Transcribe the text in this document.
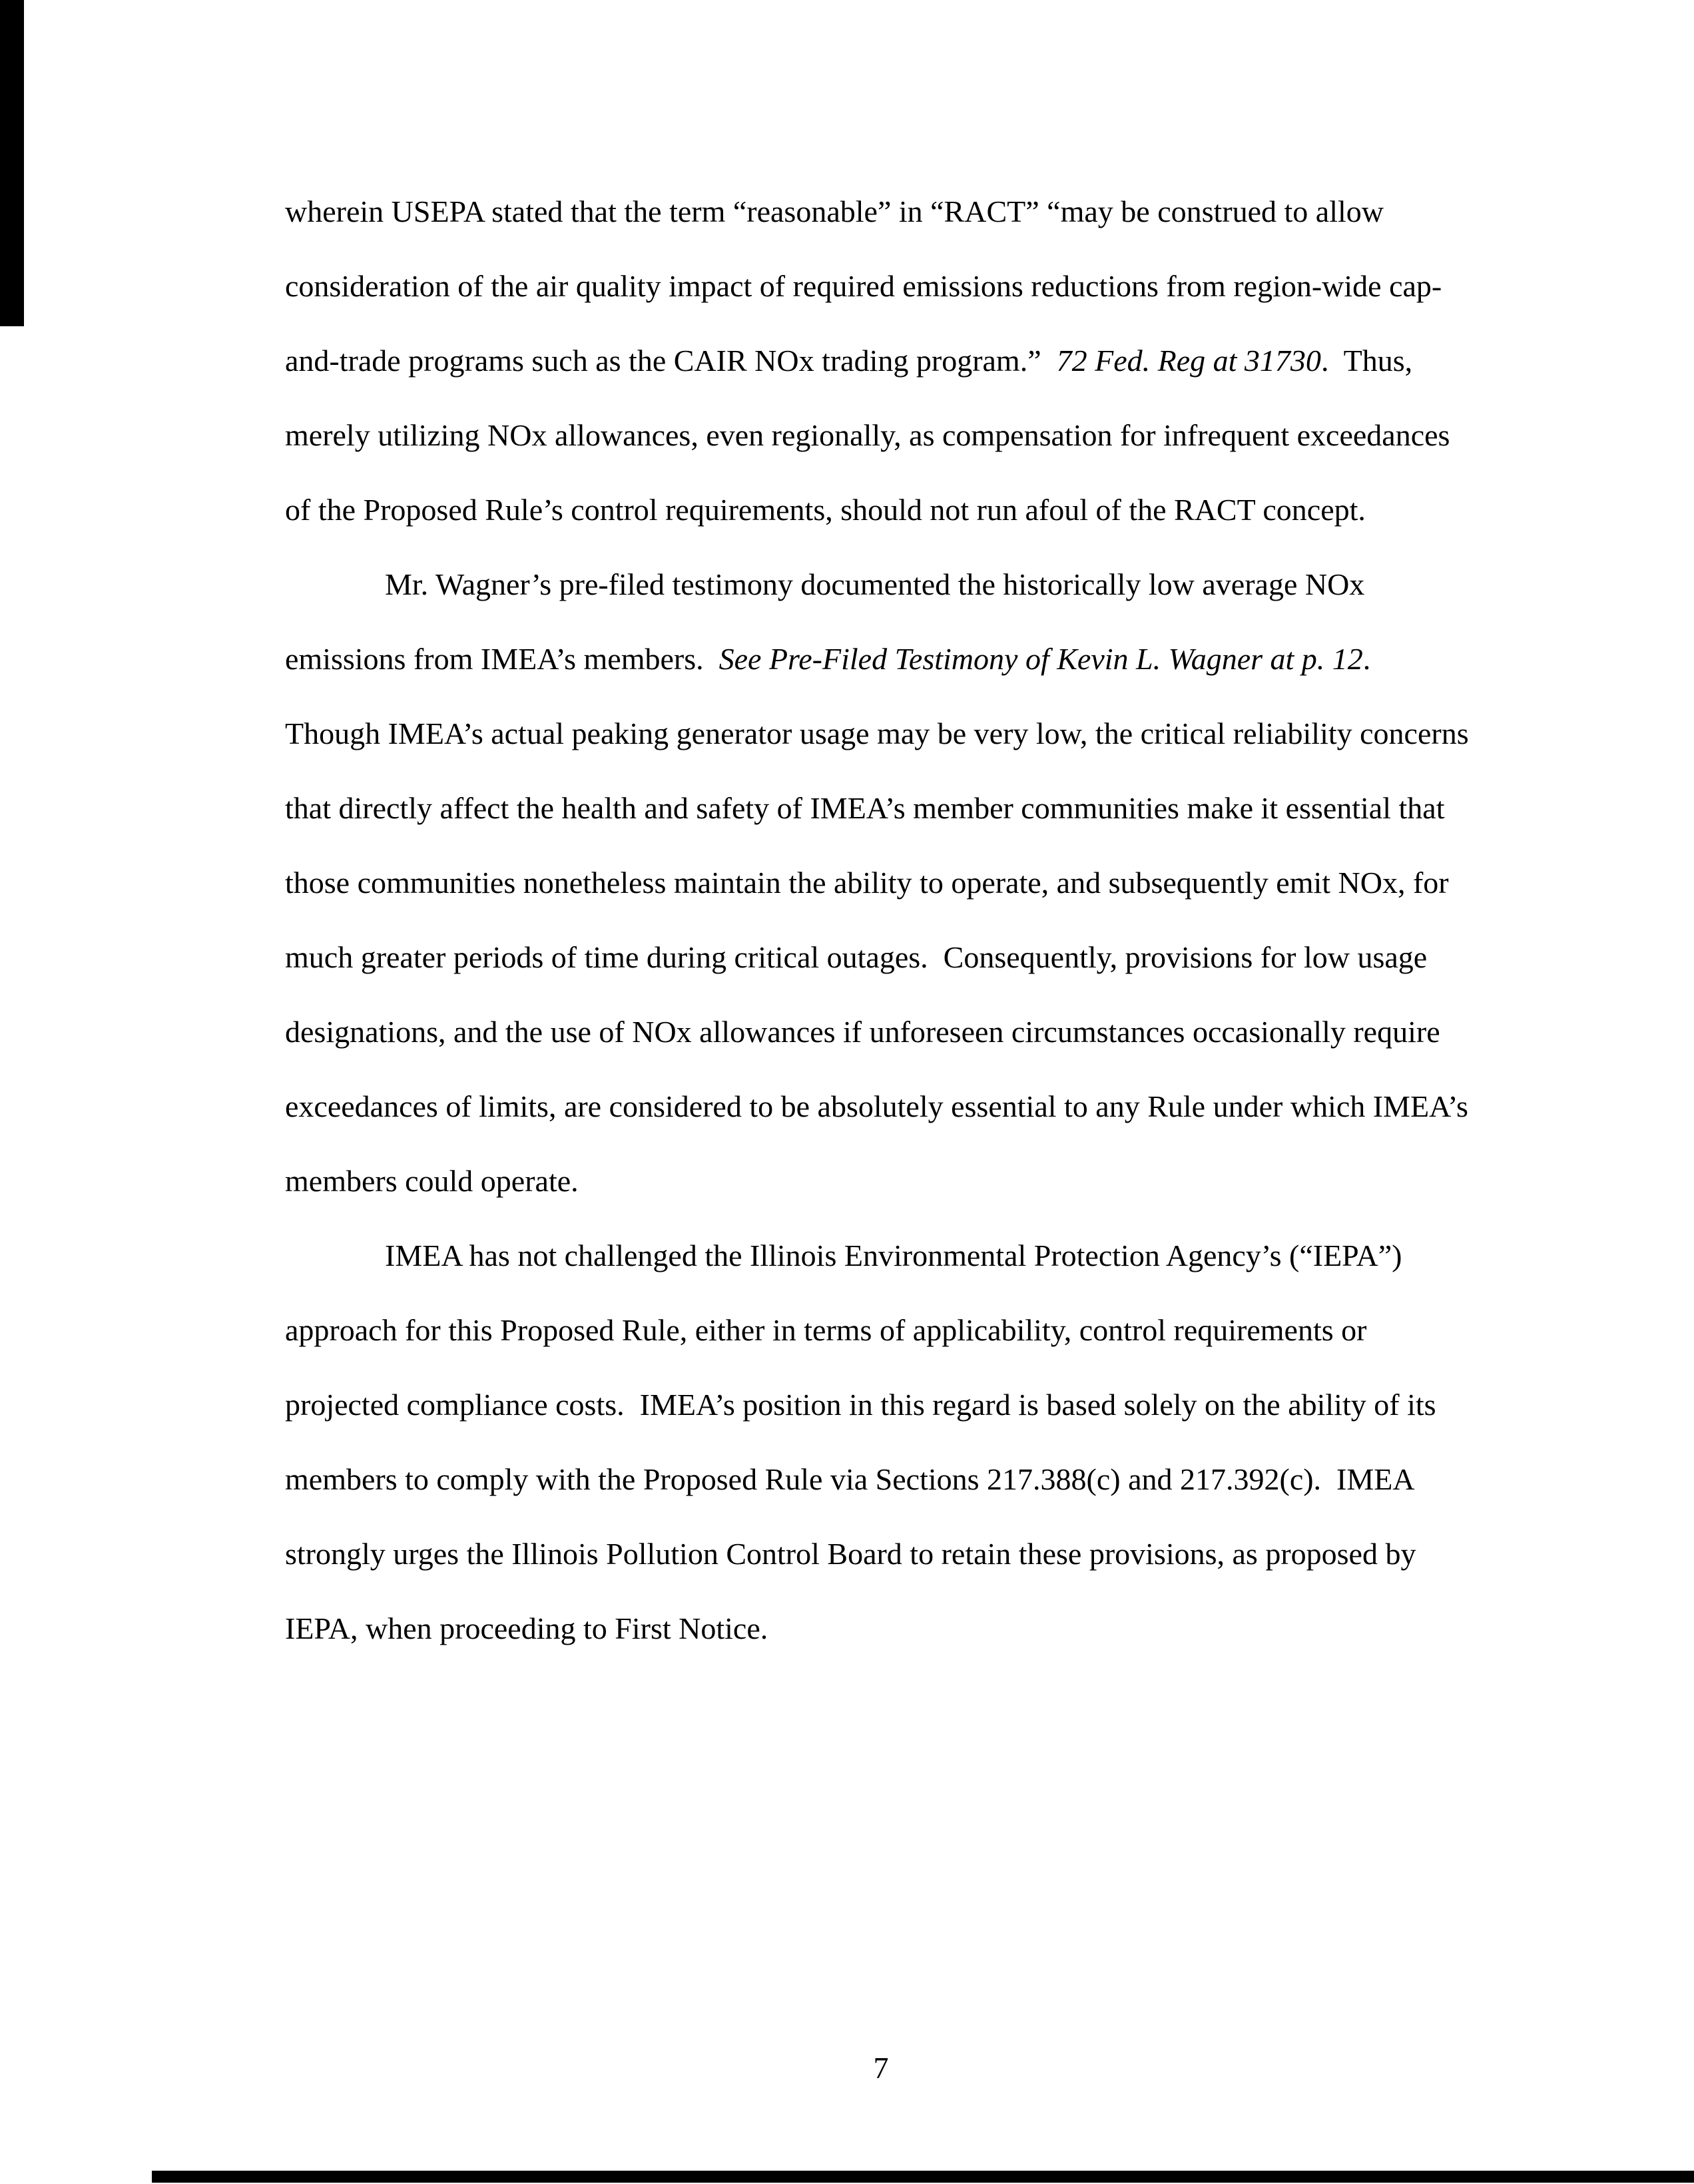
wherein USEPA stated that the term “reasonable” in “RACT” “may be construed to allow consideration of the air quality impact of required emissions reductions from region-wide cap-and-trade programs such as the CAIR NOx trading program.”  72 Fed. Reg at 31730.  Thus, merely utilizing NOx allowances, even regionally, as compensation for infrequent exceedances of the Proposed Rule’s control requirements, should not run afoul of the RACT concept.

Mr. Wagner’s pre-filed testimony documented the historically low average NOx emissions from IMEA’s members.  See Pre-Filed Testimony of Kevin L. Wagner at p. 12.  Though IMEA’s actual peaking generator usage may be very low, the critical reliability concerns that directly affect the health and safety of IMEA’s member communities make it essential that those communities nonetheless maintain the ability to operate, and subsequently emit NOx, for much greater periods of time during critical outages.  Consequently, provisions for low usage designations, and the use of NOx allowances if unforeseen circumstances occasionally require exceedances of limits, are considered to be absolutely essential to any Rule under which IMEA’s members could operate.

IMEA has not challenged the Illinois Environmental Protection Agency’s (“IEPA”) approach for this Proposed Rule, either in terms of applicability, control requirements or projected compliance costs.  IMEA’s position in this regard is based solely on the ability of its members to comply with the Proposed Rule via Sections 217.388(c) and 217.392(c).  IMEA strongly urges the Illinois Pollution Control Board to retain these provisions, as proposed by IEPA, when proceeding to First Notice.

7
